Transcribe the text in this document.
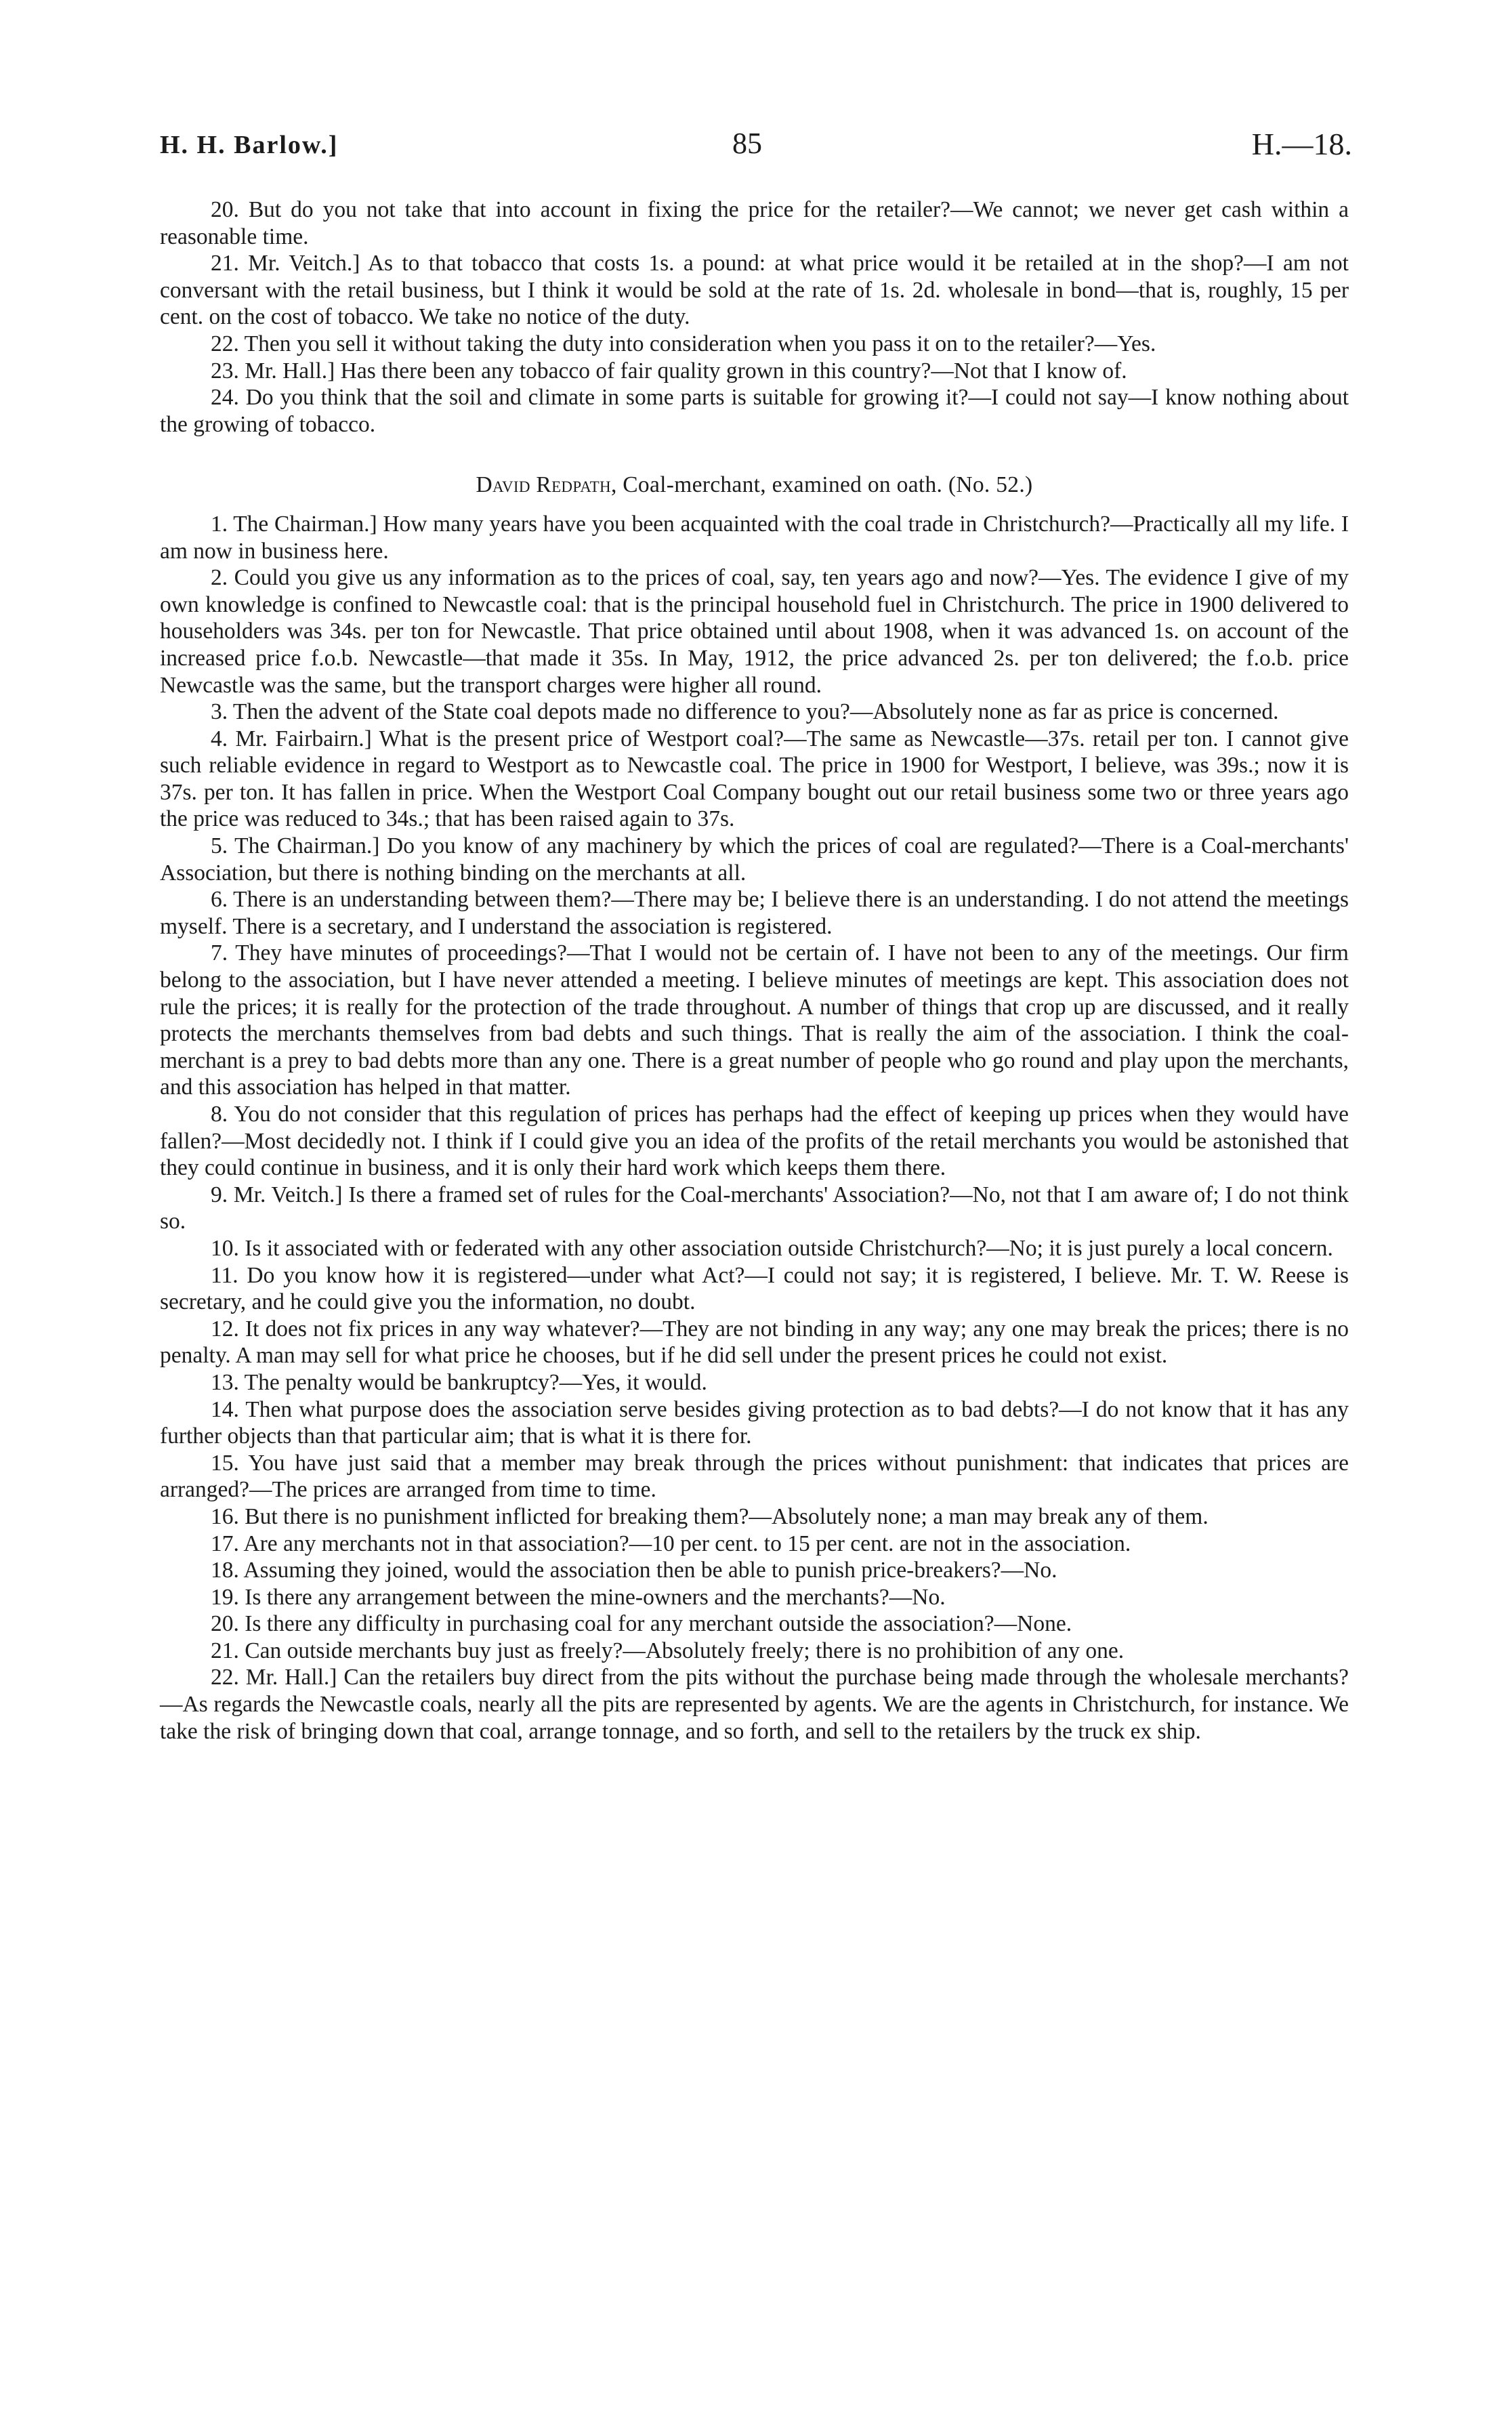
H. H. Barlow.]	85	H.—18.

20. But do you not take that into account in fixing the price for the retailer?—We cannot; we never get cash within a reasonable time.

21. Mr. Veitch.] As to that tobacco that costs 1s. a pound: at what price would it be retailed at in the shop?—I am not conversant with the retail business, but I think it would be sold at the rate of 1s. 2d. wholesale in bond—that is, roughly, 15 per cent. on the cost of tobacco. We take no notice of the duty.

22. Then you sell it without taking the duty into consideration when you pass it on to the retailer?—Yes.

23. Mr. Hall.] Has there been any tobacco of fair quality grown in this country?—Not that I know of.

24. Do you think that the soil and climate in some parts is suitable for growing it?—I could not say—I know nothing about the growing of tobacco.

David Redpath, Coal-merchant, examined on oath. (No. 52.)

1. The Chairman.] How many years have you been acquainted with the coal trade in Christchurch?—Practically all my life. I am now in business here.

2. Could you give us any information as to the prices of coal, say, ten years ago and now?—Yes. The evidence I give of my own knowledge is confined to Newcastle coal: that is the principal household fuel in Christchurch. The price in 1900 delivered to householders was 34s. per ton for Newcastle. That price obtained until about 1908, when it was advanced 1s. on account of the increased price f.o.b. Newcastle—that made it 35s. In May, 1912, the price advanced 2s. per ton delivered; the f.o.b. price Newcastle was the same, but the transport charges were higher all round.

3. Then the advent of the State coal depots made no difference to you?—Absolutely none as far as price is concerned.

4. Mr. Fairbairn.] What is the present price of Westport coal?—The same as Newcastle—37s. retail per ton. I cannot give such reliable evidence in regard to Westport as to Newcastle coal. The price in 1900 for Westport, I believe, was 39s.; now it is 37s. per ton. It has fallen in price. When the Westport Coal Company bought out our retail business some two or three years ago the price was reduced to 34s.; that has been raised again to 37s.

5. The Chairman.] Do you know of any machinery by which the prices of coal are regulated?—There is a Coal-merchants' Association, but there is nothing binding on the merchants at all.

6. There is an understanding between them?—There may be; I believe there is an understanding. I do not attend the meetings myself. There is a secretary, and I understand the association is registered.

7. They have minutes of proceedings?—That I would not be certain of. I have not been to any of the meetings. Our firm belong to the association, but I have never attended a meeting. I believe minutes of meetings are kept. This association does not rule the prices; it is really for the protection of the trade throughout. A number of things that crop up are discussed, and it really protects the merchants themselves from bad debts and such things. That is really the aim of the association. I think the coal-merchant is a prey to bad debts more than any one. There is a great number of people who go round and play upon the merchants, and this association has helped in that matter.

8. You do not consider that this regulation of prices has perhaps had the effect of keeping up prices when they would have fallen?—Most decidedly not. I think if I could give you an idea of the profits of the retail merchants you would be astonished that they could continue in business, and it is only their hard work which keeps them there.

9. Mr. Veitch.] Is there a framed set of rules for the Coal-merchants' Association?—No, not that I am aware of; I do not think so.

10. Is it associated with or federated with any other association outside Christchurch?—No; it is just purely a local concern.

11. Do you know how it is registered—under what Act?—I could not say; it is registered, I believe. Mr. T. W. Reese is secretary, and he could give you the information, no doubt.

12. It does not fix prices in any way whatever?—They are not binding in any way; any one may break the prices; there is no penalty. A man may sell for what price he chooses, but if he did sell under the present prices he could not exist.

13. The penalty would be bankruptcy?—Yes, it would.

14. Then what purpose does the association serve besides giving protection as to bad debts?—I do not know that it has any further objects than that particular aim; that is what it is there for.

15. You have just said that a member may break through the prices without punishment: that indicates that prices are arranged?—The prices are arranged from time to time.

16. But there is no punishment inflicted for breaking them?—Absolutely none; a man may break any of them.

17. Are any merchants not in that association?—10 per cent. to 15 per cent. are not in the association.

18. Assuming they joined, would the association then be able to punish price-breakers?—No.

19. Is there any arrangement between the mine-owners and the merchants?—No.

20. Is there any difficulty in purchasing coal for any merchant outside the association?—None.

21. Can outside merchants buy just as freely?—Absolutely freely; there is no prohibition of any one.

22. Mr. Hall.] Can the retailers buy direct from the pits without the purchase being made through the wholesale merchants?—As regards the Newcastle coals, nearly all the pits are represented by agents. We are the agents in Christchurch, for instance. We take the risk of bringing down that coal, arrange tonnage, and so forth, and sell to the retailers by the truck ex ship.
